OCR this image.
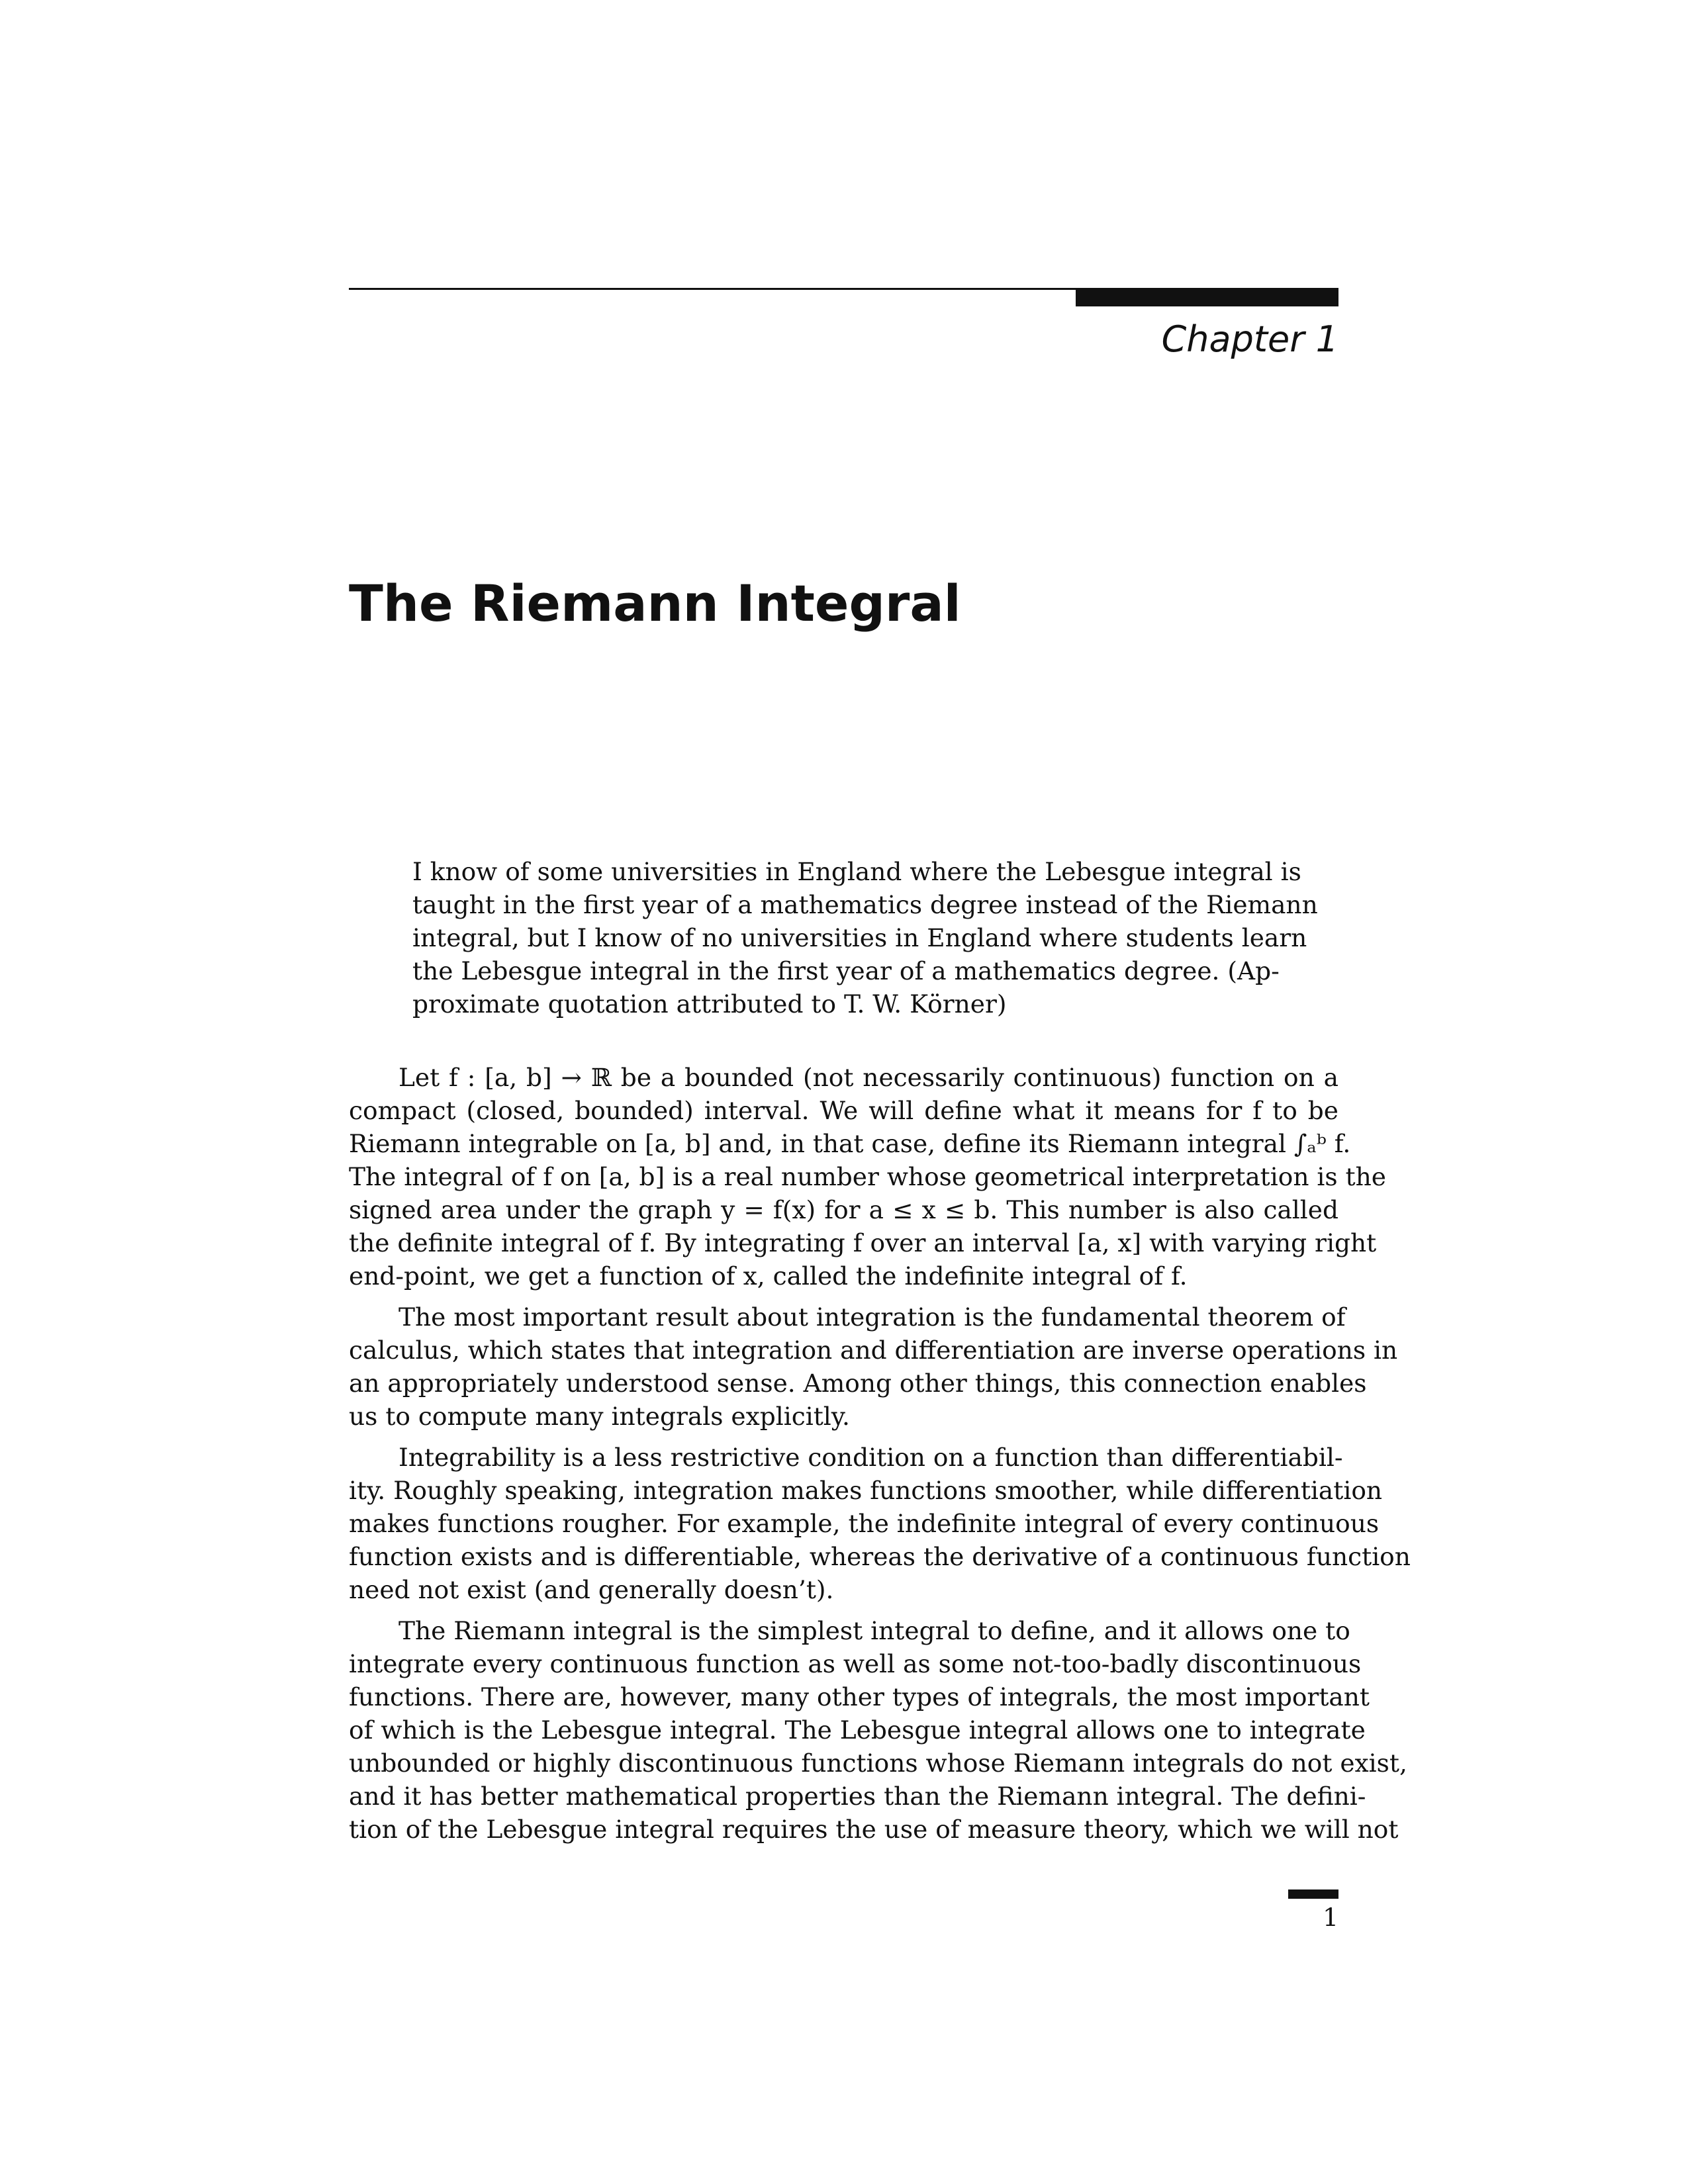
Chapter 1
The Riemann Integral
I know of some universities in England where the Lebesgue integral is
taught in the first year of a mathematics degree instead of the Riemann
integral, but I know of no universities in England where students learn
the Lebesgue integral in the first year of a mathematics degree. (Ap-
proximate quotation attributed to T. W. Körner)
Let f : [a, b] → ℝ be a bounded (not necessarily continuous) function on a
compact (closed, bounded) interval. We will define what it means for f to be
Riemann integrable on [a, b] and, in that case, define its Riemann integral ∫ₐᵇ f.
The integral of f on [a, b] is a real number whose geometrical interpretation is the
signed area under the graph y = f(x) for a ≤ x ≤ b. This number is also called
the definite integral of f. By integrating f over an interval [a, x] with varying right
end-point, we get a function of x, called the indefinite integral of f.
The most important result about integration is the fundamental theorem of
calculus, which states that integration and differentiation are inverse operations in
an appropriately understood sense. Among other things, this connection enables
us to compute many integrals explicitly.
Integrability is a less restrictive condition on a function than differentiabil-
ity. Roughly speaking, integration makes functions smoother, while differentiation
makes functions rougher. For example, the indefinite integral of every continuous
function exists and is differentiable, whereas the derivative of a continuous function
need not exist (and generally doesn’t).
The Riemann integral is the simplest integral to define, and it allows one to
integrate every continuous function as well as some not-too-badly discontinuous
functions. There are, however, many other types of integrals, the most important
of which is the Lebesgue integral. The Lebesgue integral allows one to integrate
unbounded or highly discontinuous functions whose Riemann integrals do not exist,
and it has better mathematical properties than the Riemann integral. The defini-
tion of the Lebesgue integral requires the use of measure theory, which we will not
1
